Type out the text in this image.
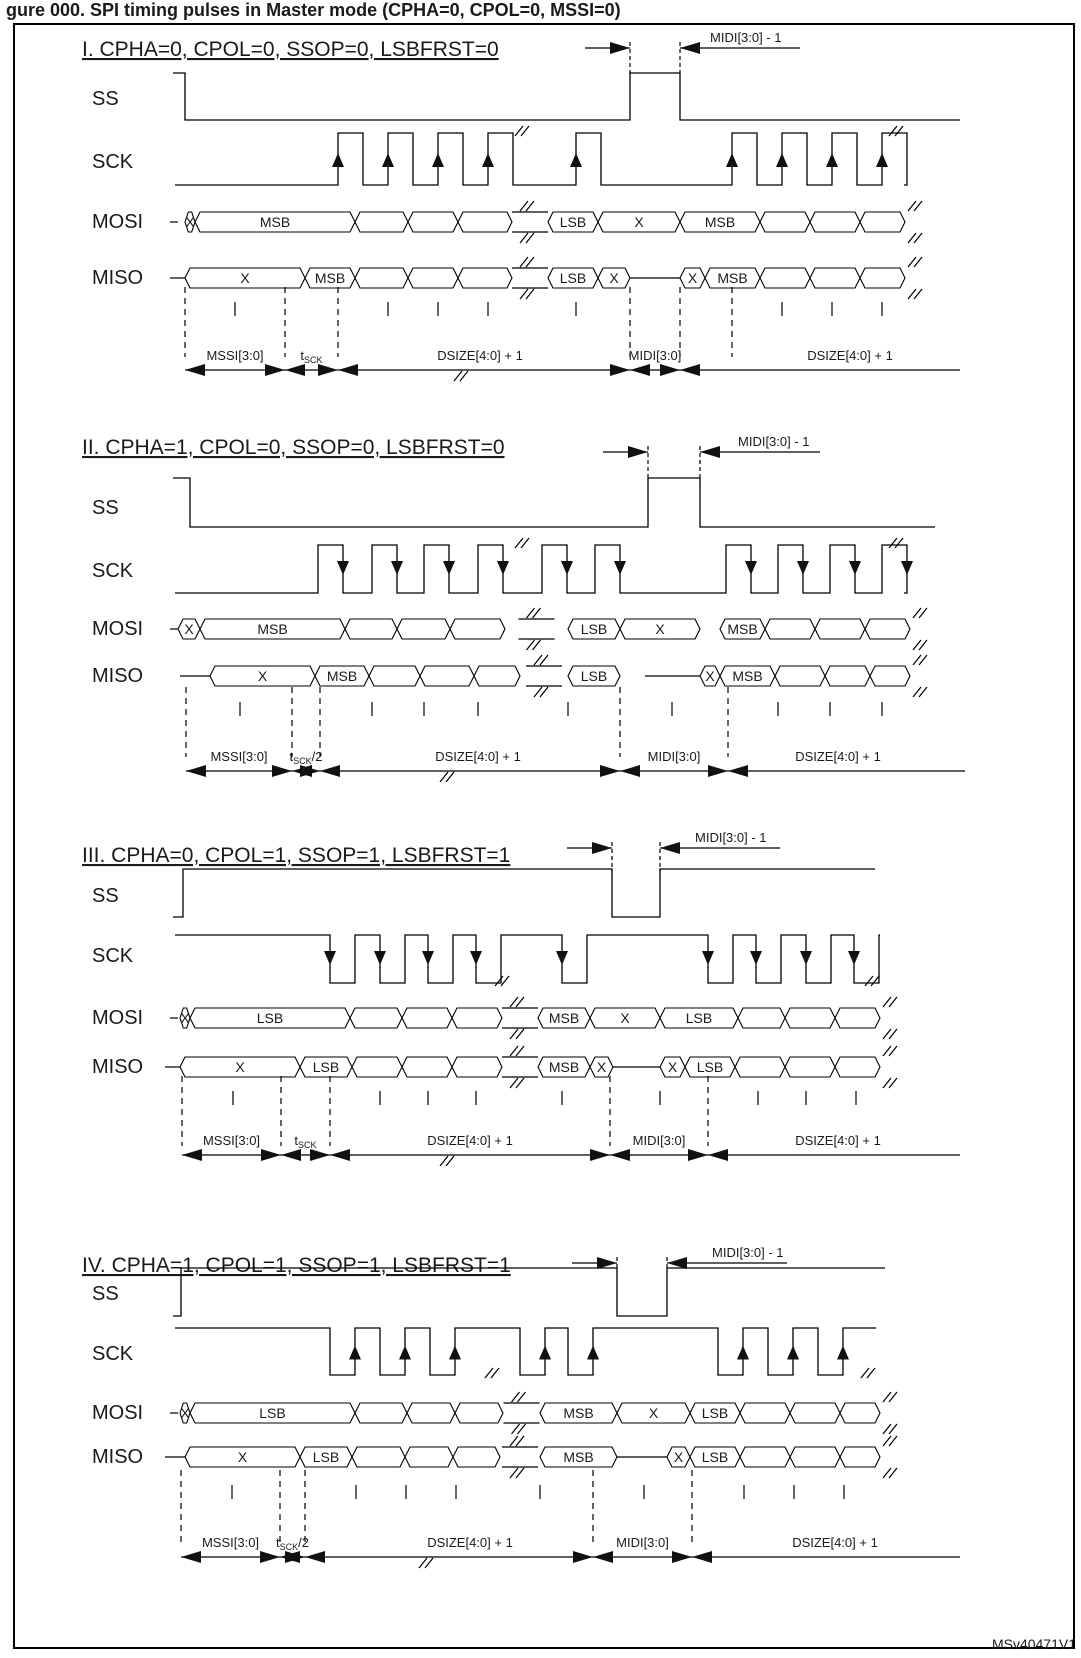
gure 000. SPI timing pulses in Master mode (CPHA=0, CPOL=0, MSSI=0)
MSv40471V1
I. CPHA=0, CPOL=0, SSOP=0, LSBFRST=0
SS
SCK
MOSI
MISO
MIDI[3:0] - 1
X	MSB	LSB	X	MSB
X	MSB	LSB X	X MSB
MSSI[3:0]	$t_{SCK}$	DSIZE[4:0] + 1	MIDI[3:0]	DSIZE[4:0] + 1
II. CPHA=1, CPOL=0, SSOP=0, LSBFRST=0
SS
SCK
MOSI
MISO
MIDI[3:0] - 1
X	MSB	LSB	X	MSB
X	MSB	LSB	X MSB
MSSI[3:0] $t_{SCK}/2$	DSIZE[4:0] + 1	MIDI[3:0]	DSIZE[4:0] + 1
III. CPHA=0, CPOL=1, SSOP=1, LSBFRST=1
SS
SCK
MOSI
MISO
MIDI[3:0] - 1
X	LSB	MSB	X	LSB
X	LSB	MSB X	X LSB
MSSI[3:0]	$t_{SCK}$	DSIZE[4:0] + 1	MIDI[3:0]	DSIZE[4:0] + 1
IV. CPHA=1, CPOL=1, SSOP=1, LSBFRST=1
SS
SCK
MOSI
MISO
MIDI[3:0] - 1
X	LSB	MSB	X	LSB
X	LSB	MSB	X LSB
MSSI[3:0] $t_{SCK}/2$	DSIZE[4:0] + 1	MIDI[3:0]	DSIZE[4:0] + 1
